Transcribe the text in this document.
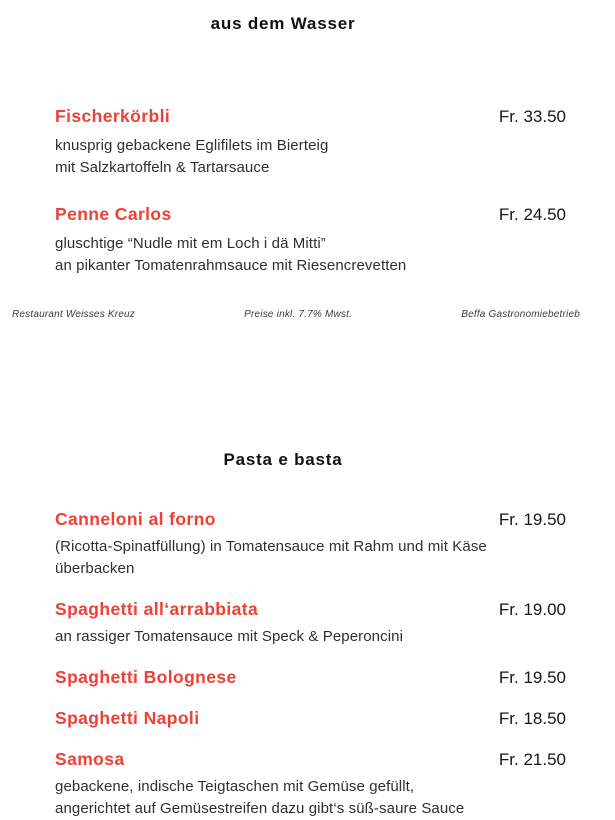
aus dem Wasser
Fischerkörbli	Fr. 33.50
knusprig gebackene Eglifilets im Bierteig
mit Salzkartoffeln & Tartarsauce
Penne Carlos	Fr. 24.50
gluschtige “Nudle mit em Loch i dä Mitti”
an pikanter Tomatenrahmsauce mit Riesencrevetten
Restaurant Weisses Kreuz	Preise inkl. 7.7% Mwst.	Beffa Gastronomiebetrieb
Pasta e basta
Canneloni al forno	Fr. 19.50
(Ricotta-Spinatfüllung) in Tomatensauce mit Rahm und mit Käse überbacken
Spaghetti all‘arrabbiata	Fr. 19.00
an rassiger Tomatensauce mit Speck & Peperoncini
Spaghetti Bolognese	Fr. 19.50
Spaghetti Napoli	Fr. 18.50
Samosa	Fr. 21.50
gebackene, indische Teigtaschen mit Gemüse gefüllt,
angerichtet auf Gemüsestreifen dazu gibt‘s süß-saure Sauce
